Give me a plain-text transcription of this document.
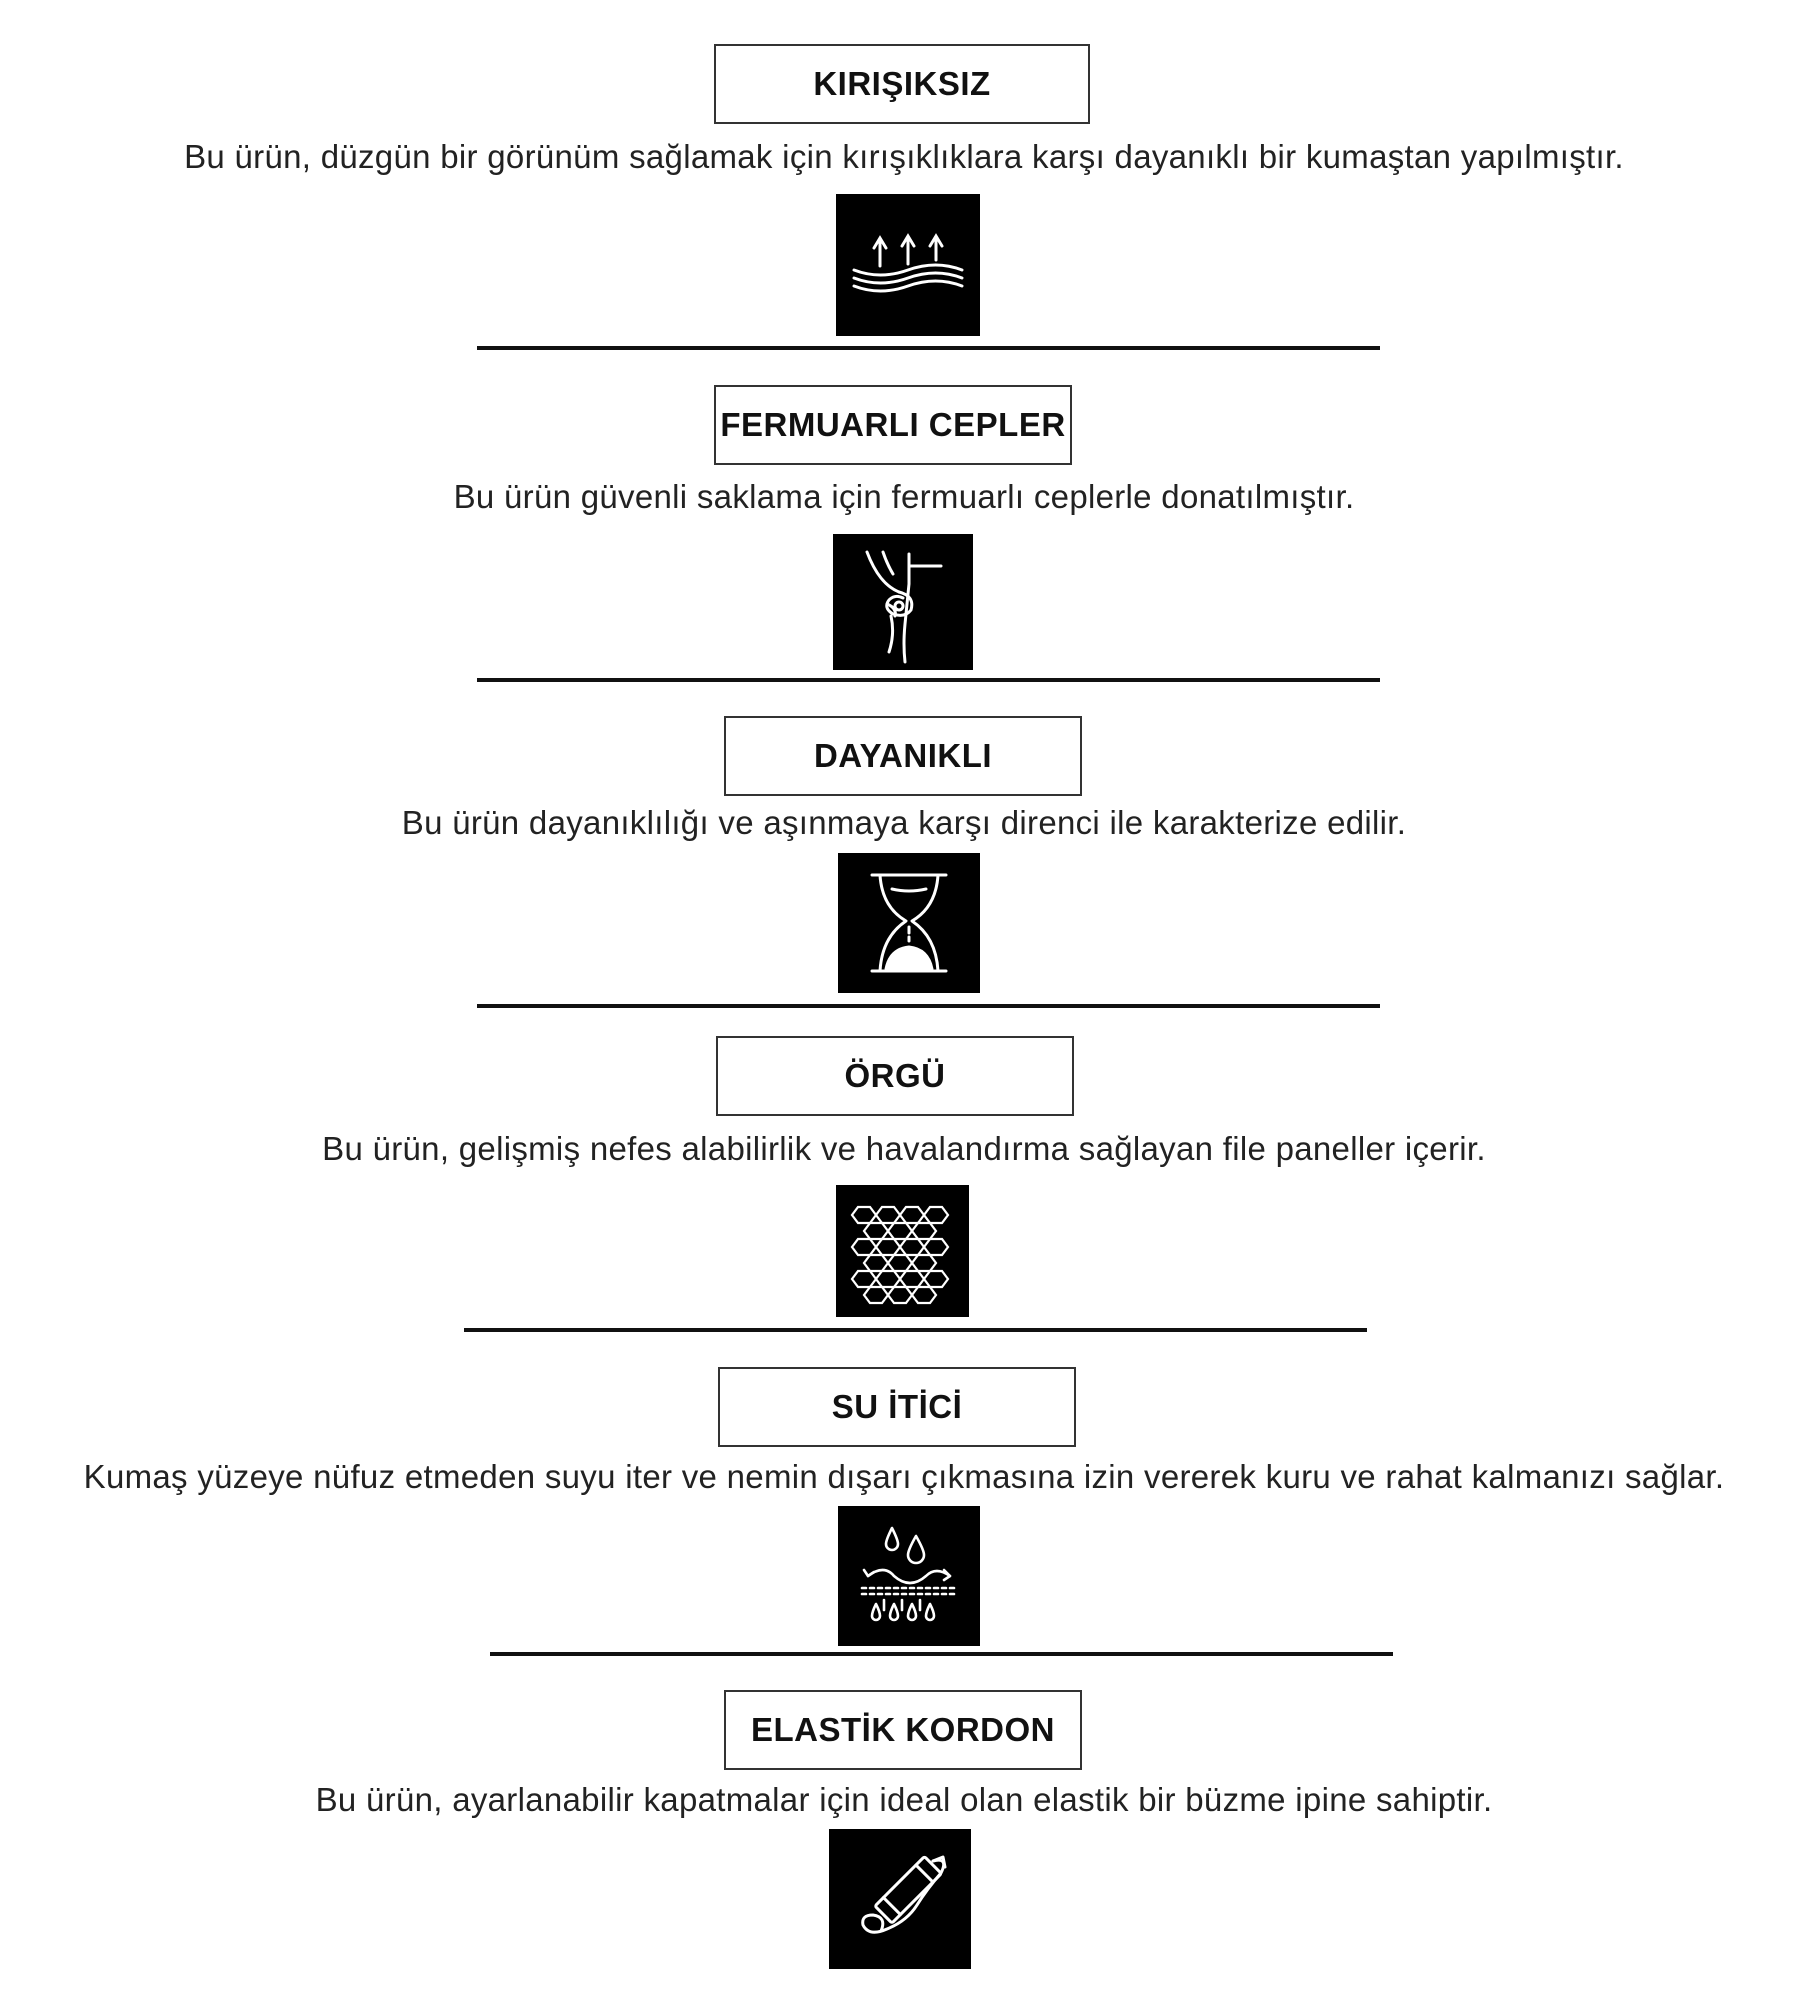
KIRIŞIKSIZ
Bu ürün, düzgün bir görünüm sağlamak için kırışıklıklara karşı dayanıklı bir kumaştan yapılmıştır.
FERMUARLI CEPLER
Bu ürün güvenli saklama için fermuarlı ceplerle donatılmıştır.
DAYANIKLI
Bu ürün dayanıklılığı ve aşınmaya karşı direnci ile karakterize edilir.
ÖRGÜ
Bu ürün, gelişmiş nefes alabilirlik ve havalandırma sağlayan file paneller içerir.
SU İTİCİ
Kumaş yüzeye nüfuz etmeden suyu iter ve nemin dışarı çıkmasına izin vererek kuru ve rahat kalmanızı sağlar.
ELASTİK KORDON
Bu ürün, ayarlanabilir kapatmalar için ideal olan elastik bir büzme ipine sahiptir.
